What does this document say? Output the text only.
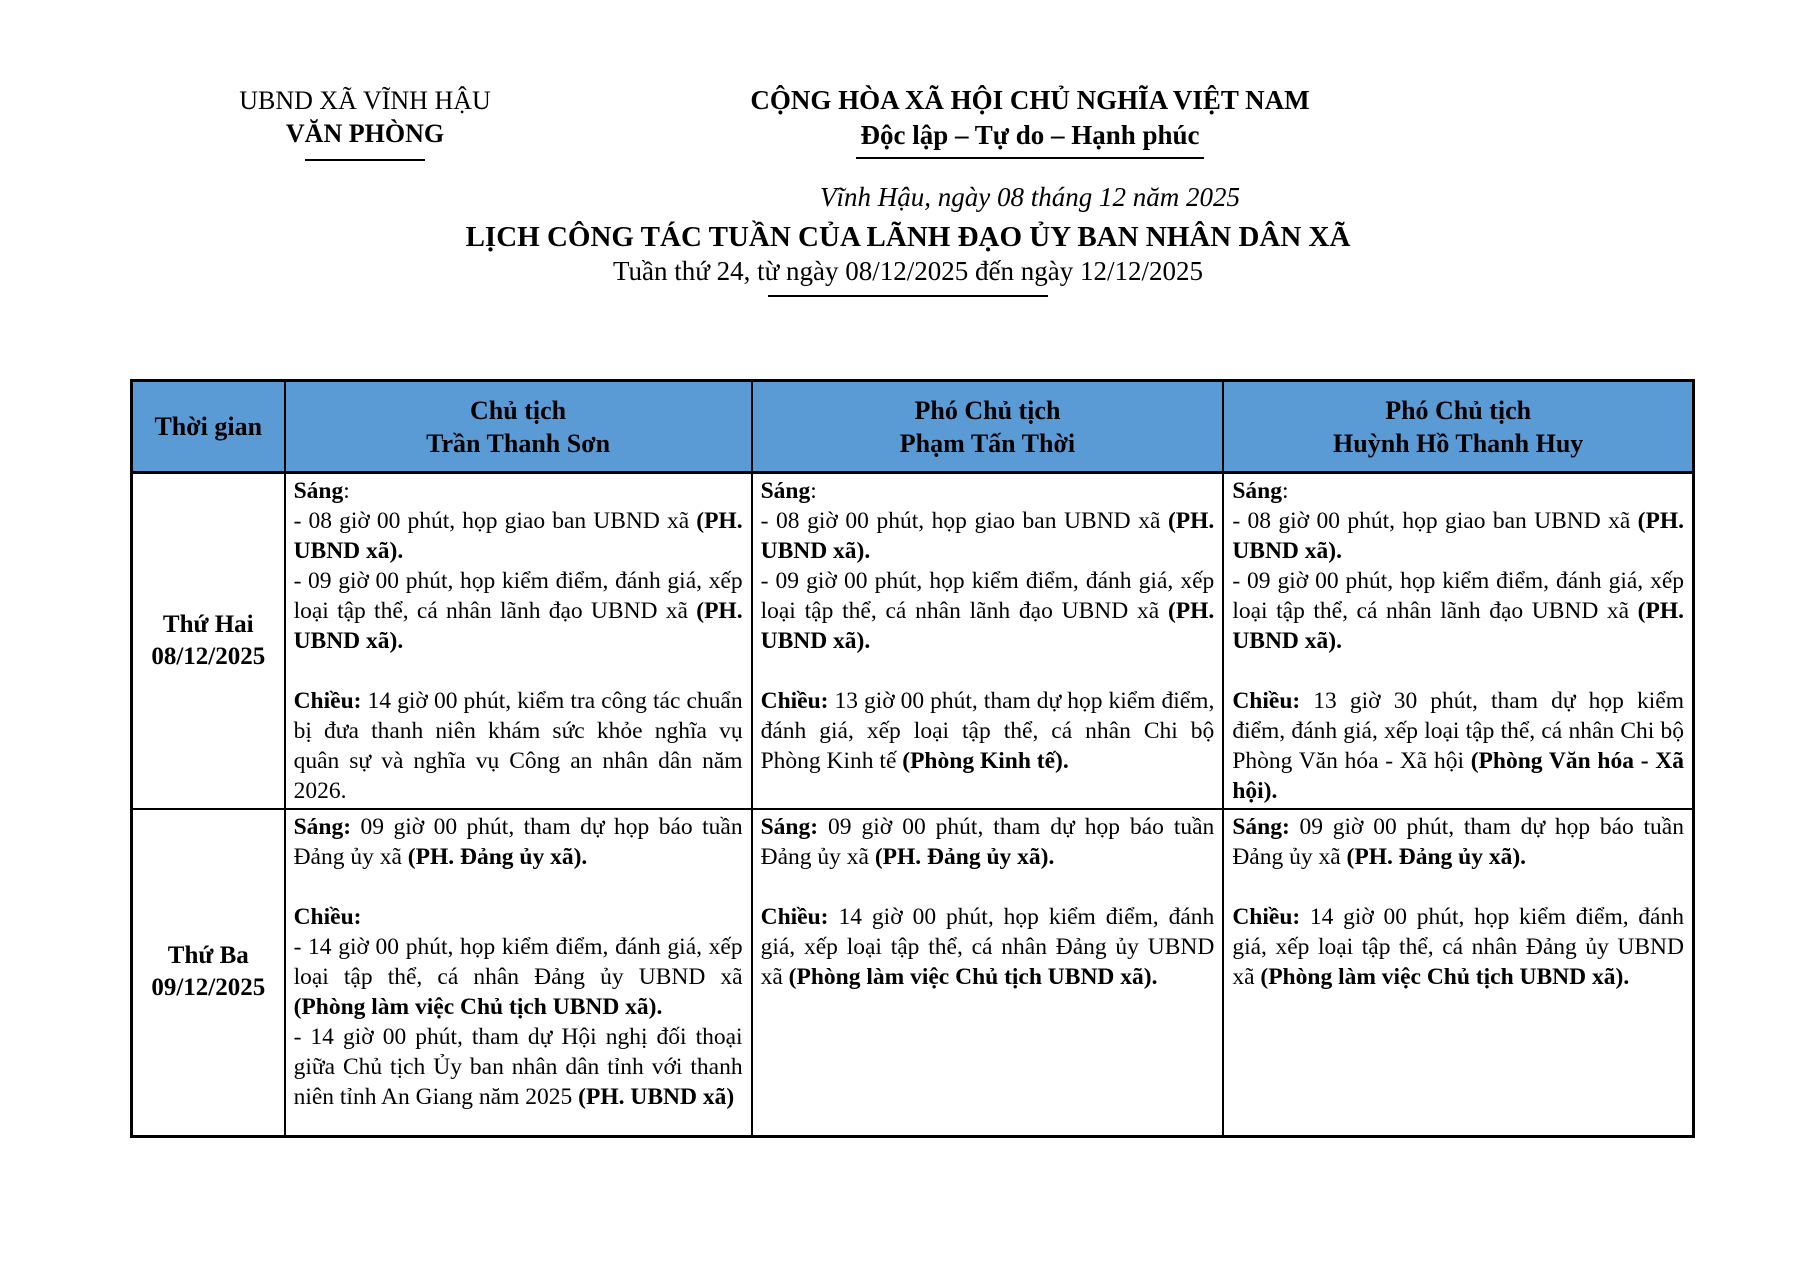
UBND XÃ VĨNH HẬU
VĂN PHÒNG
CỘNG HÒA XÃ HỘI CHỦ NGHĨA VIỆT NAM
Độc lập – Tự do – Hạnh phúc
Vĩnh Hậu, ngày 08 tháng 12 năm 2025
LỊCH CÔNG TÁC TUẦN CỦA LÃNH ĐẠO ỦY BAN NHÂN DÂN XÃ
Tuần thứ 24, từ ngày 08/12/2025 đến ngày 12/12/2025
Thời gian

Chủ tịch
Trần Thanh Sơn

Phó Chủ tịch
Phạm Tấn Thời

Phó Chủ tịch
Huỳnh Hồ Thanh Huy

Thứ Hai
08/12/2025

Sáng:
- 08 giờ 00 phút, họp giao ban UBND xã (PH. UBND xã).
- 09 giờ 00 phút, họp kiểm điểm, đánh giá, xếp loại tập thể, cá nhân lãnh đạo UBND xã (PH. UBND xã).
Chiều: 14 giờ 00 phút, kiểm tra công tác chuẩn bị đưa thanh niên khám sức khỏe nghĩa vụ quân sự và nghĩa vụ Công an nhân dân năm 2026.

Sáng:
- 08 giờ 00 phút, họp giao ban UBND xã (PH. UBND xã).
- 09 giờ 00 phút, họp kiểm điểm, đánh giá, xếp loại tập thể, cá nhân lãnh đạo UBND xã (PH. UBND xã).
Chiều: 13 giờ 00 phút, tham dự họp kiểm điểm, đánh giá, xếp loại tập thể, cá nhân Chi bộ Phòng Kinh tế (Phòng Kinh tế).

Sáng:
- 08 giờ 00 phút, họp giao ban UBND xã (PH. UBND xã).
- 09 giờ 00 phút, họp kiểm điểm, đánh giá, xếp loại tập thể, cá nhân lãnh đạo UBND xã (PH. UBND xã).
Chiều: 13 giờ 30 phút, tham dự họp kiểm điểm, đánh giá, xếp loại tập thể, cá nhân Chi bộ Phòng Văn hóa - Xã hội (Phòng Văn hóa - Xã hội).

Thứ Ba
09/12/2025

Sáng: 09 giờ 00 phút, tham dự họp báo tuần Đảng ủy xã (PH. Đảng ủy xã).
Chiều:
- 14 giờ 00 phút, họp kiểm điểm, đánh giá, xếp loại tập thể, cá nhân Đảng ủy UBND xã (Phòng làm việc Chủ tịch UBND xã).
- 14 giờ 00 phút, tham dự Hội nghị đối thoại giữa Chủ tịch Ủy ban nhân dân tỉnh với thanh niên tỉnh An Giang năm 2025 (PH. UBND xã)

Sáng: 09 giờ 00 phút, tham dự họp báo tuần Đảng ủy xã (PH. Đảng ủy xã).
Chiều: 14 giờ 00 phút, họp kiểm điểm, đánh giá, xếp loại tập thể, cá nhân Đảng ủy UBND xã (Phòng làm việc Chủ tịch UBND xã).

Sáng: 09 giờ 00 phút, tham dự họp báo tuần Đảng ủy xã (PH. Đảng ủy xã).
Chiều: 14 giờ 00 phút, họp kiểm điểm, đánh giá, xếp loại tập thể, cá nhân Đảng ủy UBND xã (Phòng làm việc Chủ tịch UBND xã).
